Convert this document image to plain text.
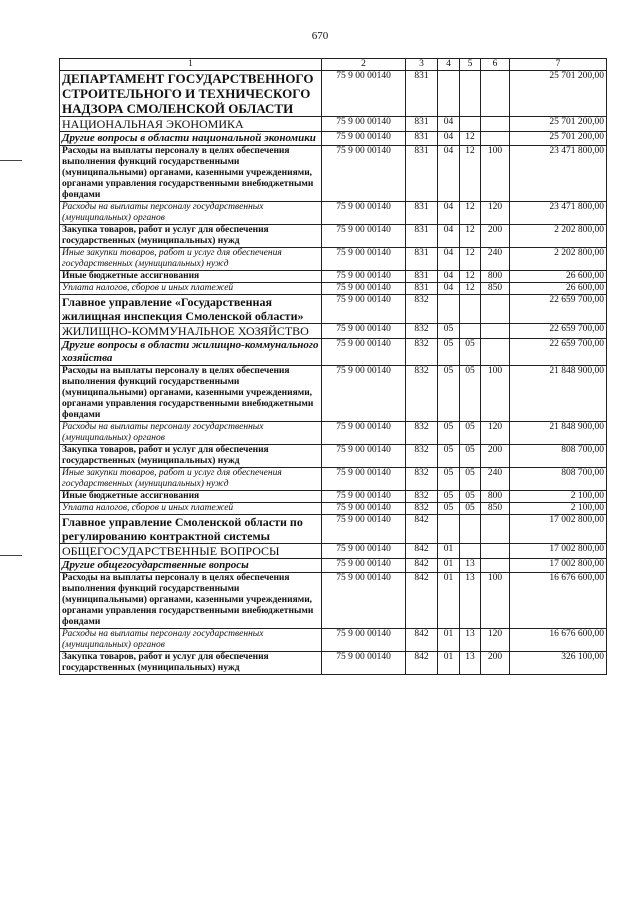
670
1	2	3	4	5	6	7
ДЕПАРТАМЕНТ ГОСУДАРСТВЕННОГО СТРОИТЕЛЬНОГО И ТЕХНИЧЕСКОГО НАДЗОРА СМОЛЕНСКОЙ ОБЛАСТИ	75 9 00 00140	831				25 701 200,00
НАЦИОНАЛЬНАЯ ЭКОНОМИКА	75 9 00 00140	831	04			25 701 200,00
Другие вопросы в области национальной экономики	75 9 00 00140	831	04	12		25 701 200,00
Расходы на выплаты персоналу в целях обеспечения выполнения функций государственными (муниципальными) органами, казенными учреждениями, органами управления государственными внебюджетными фондами	75 9 00 00140	831	04	12	100	23 471 800,00
Расходы на выплаты персоналу государственных (муниципальных) органов	75 9 00 00140	831	04	12	120	23 471 800,00
Закупка товаров, работ и услуг для обеспечения государственных (муниципальных) нужд	75 9 00 00140	831	04	12	200	2 202 800,00
Иные закупки товаров, работ и услуг для обеспечения государственных (муниципальных) нужд	75 9 00 00140	831	04	12	240	2 202 800,00
Иные бюджетные ассигнования	75 9 00 00140	831	04	12	800	26 600,00
Уплата налогов, сборов и иных платежей	75 9 00 00140	831	04	12	850	26 600,00
Главное управление «Государственная жилищная инспекция Смоленской области»	75 9 00 00140	832				22 659 700,00
ЖИЛИЩНО-КОММУНАЛЬНОЕ ХОЗЯЙСТВО	75 9 00 00140	832	05			22 659 700,00
Другие вопросы в области жилищно-коммунального хозяйства	75 9 00 00140	832	05	05		22 659 700,00
Расходы на выплаты персоналу в целях обеспечения выполнения функций государственными (муниципальными) органами, казенными учреждениями, органами управления государственными внебюджетными фондами	75 9 00 00140	832	05	05	100	21 848 900,00
Расходы на выплаты персоналу государственных (муниципальных) органов	75 9 00 00140	832	05	05	120	21 848 900,00
Закупка товаров, работ и услуг для обеспечения государственных (муниципальных) нужд	75 9 00 00140	832	05	05	200	808 700,00
Иные закупки товаров, работ и услуг для обеспечения государственных (муниципальных) нужд	75 9 00 00140	832	05	05	240	808 700,00
Иные бюджетные ассигнования	75 9 00 00140	832	05	05	800	2 100,00
Уплата налогов, сборов и иных платежей	75 9 00 00140	832	05	05	850	2 100,00
Главное управление Смоленской области по регулированию контрактной системы	75 9 00 00140	842				17 002 800,00
ОБЩЕГОСУДАРСТВЕННЫЕ ВОПРОСЫ	75 9 00 00140	842	01			17 002 800,00
Другие общегосударственные вопросы	75 9 00 00140	842	01	13		17 002 800,00
Расходы на выплаты персоналу в целях обеспечения выполнения функций государственными (муниципальными) органами, казенными учреждениями, органами управления государственными внебюджетными фондами	75 9 00 00140	842	01	13	100	16 676 600,00
Расходы на выплаты персоналу государственных (муниципальных) органов	75 9 00 00140	842	01	13	120	16 676 600,00
Закупка товаров, работ и услуг для обеспечения государственных (муниципальных) нужд	75 9 00 00140	842	01	13	200	326 100,00
